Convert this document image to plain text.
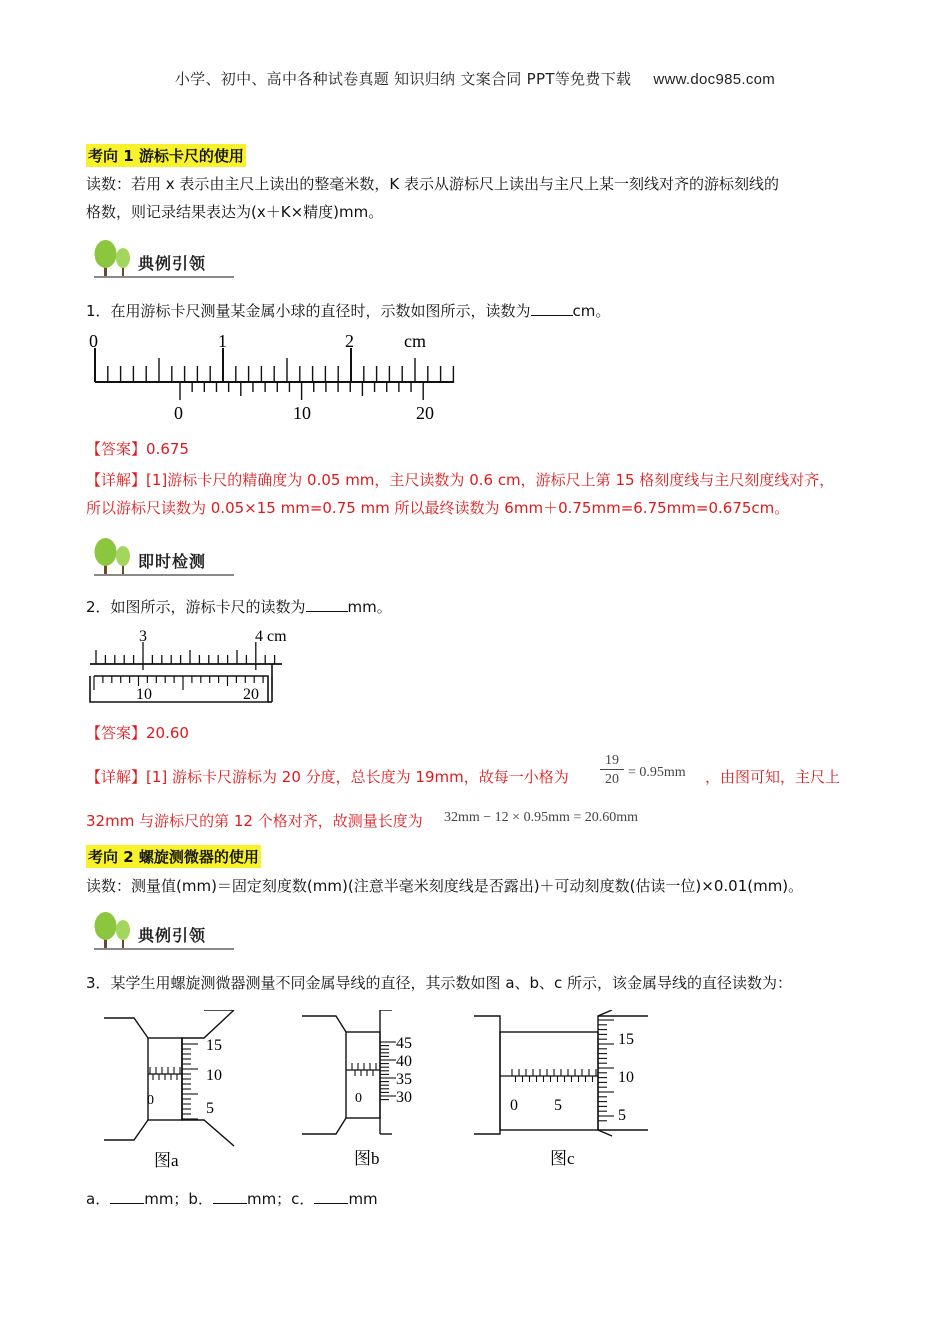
小学、初中、高中各种试卷真题 知识归纳 文案合同 PPT等免费下载 www.doc985.com
考向 1 游标卡尺的使用
读数：若用 x 表示由主尺上读出的整毫米数，K 表示从游标尺上读出与主尺上某一刻线对齐的游标刻线的
格数，则记录结果表达为(x＋K×精度)mm。
典例引领
1．在用游标卡尺测量某金属小球的直径时，示数如图所示，读数为	cm。
0	1	2	cm
0	10	20
【答案】0.675
【详解】[1]游标卡尺的精确度为 0.05 mm，主尺读数为 0.6 cm，游标尺上第 15 格刻度线与主尺刻度线对齐，
所以游标尺读数为 0.05×15 mm=0.75 mm 所以最终读数为 6mm＋0.75mm=6.75mm=0.675cm。
即时检测
2．如图所示，游标卡尺的读数为	mm。
3	4 cm
10	20
【答案】20.60
【详解】[1] 游标卡尺游标为 20 分度，总长度为 19mm，故每一小格为 $\frac{19}{20} = 0.95mm$ ，由图可知，主尺上
32mm 与游标尺的第 12 个格对齐，故测量长度为 32mm − 12 × 0.95mm = 20.60mm
考向 2 螺旋测微器的使用
读数：测量值(mm)＝固定刻度数(mm)(注意半毫米刻度线是否露出)＋可动刻度数(估读一位)×0.01(mm)。
典例引领
3．某学生用螺旋测微器测量不同金属导线的直径，其示数如图 a、b、c 所示，该金属导线的直径读数为：
0
15
10
5
图a
0
45
40
35
30
图b
0 5
15
10
5
图c
a． mm；b． mm；c． mm
